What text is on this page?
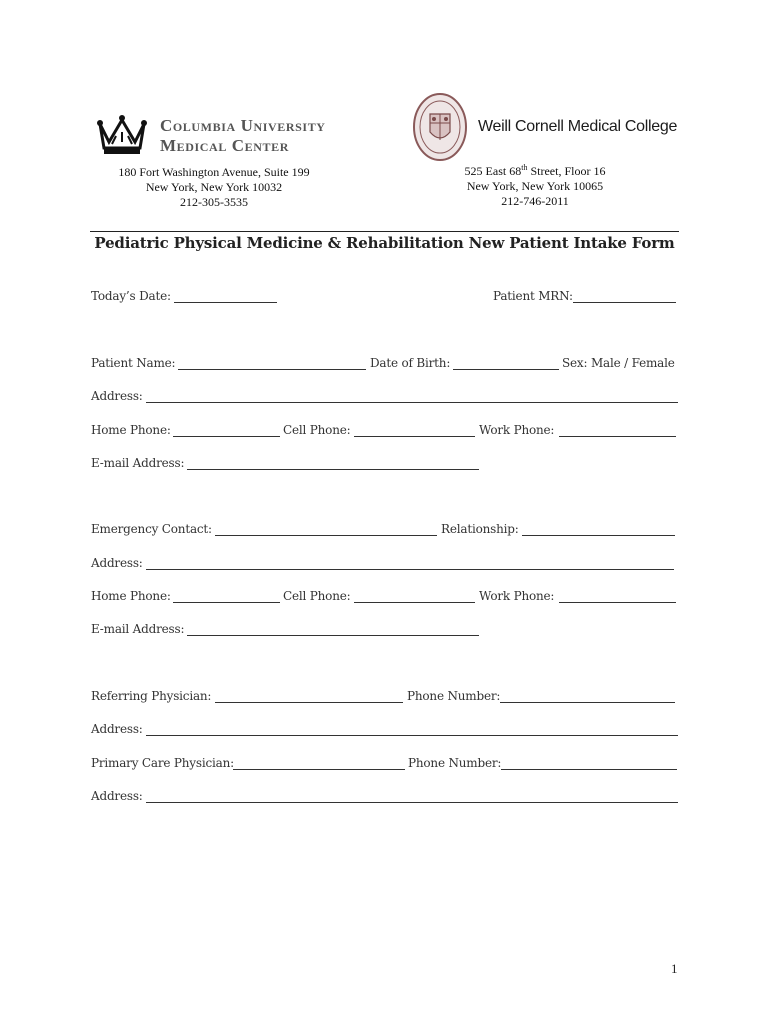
Columbia University
Medical Center
Weill Cornell Medical College
180 Fort Washington Avenue, Suite 199
New York, New York 10032
212-305-3535
525 East 68th Street, Floor 16
New York, New York 10065
212-746-2011
Pediatric Physical Medicine & Rehabilitation New Patient Intake Form
Today’s Date:	Patient MRN:
Patient Name:	Date of Birth:	Sex: Male / Female
Address:
Home Phone:	Cell Phone:	Work Phone:
E-mail Address:
Emergency Contact:	Relationship:
Address:
Home Phone:	Cell Phone:	Work Phone:
E-mail Address:
Referring Physician:	Phone Number:
Address:
Primary Care Physician:	Phone Number:
Address:
1
